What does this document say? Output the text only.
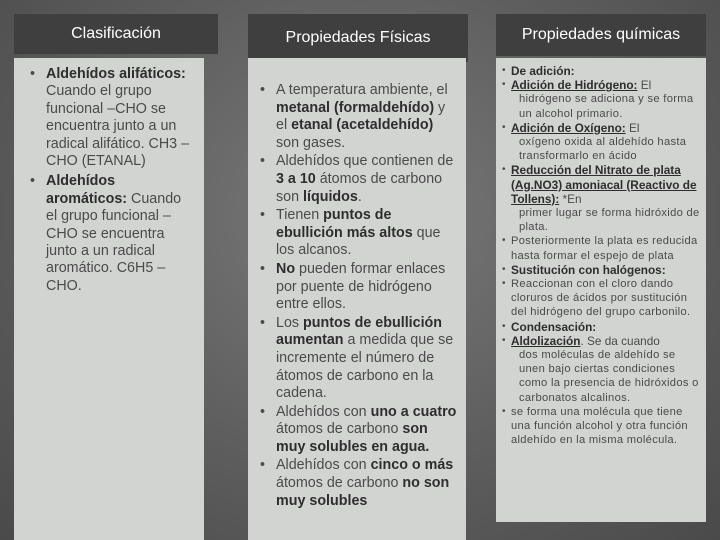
Clasificación	Propiedades Físicas	Propiedades químicas
• Aldehídos alifáticos: Cuando el grupo funcional –CHO se encuentra junto a un radical alifático. CH3 –CHO (ETANAL)
• Aldehídos aromáticos: Cuando el grupo funcional –CHO se encuentra junto a un radical aromático. C6H5 –CHO.
• A temperatura ambiente, el metanal (formaldehído) y el etanal (acetaldehído) son gases.
• Aldehídos que contienen de 3 a 10 átomos de carbono son líquidos.
• Tienen puntos de ebullición más altos que los alcanos.
• No pueden formar enlaces por puente de hidrógeno entre ellos.
• Los puntos de ebullición aumentan a medida que se incremente el número de átomos de carbono en la cadena.
• Aldehídos con uno a cuatro átomos de carbono son muy solubles en agua.
• Aldehídos con cinco o más átomos de carbono no son muy solubles
• De adición:
• Adición de Hidrógeno: El
hidrógeno se adiciona y se forma un alcohol primario.
• Adición de Oxígeno: El
oxígeno oxida al aldehído hasta transformarlo en ácido
• Reducción del Nitrato de plata (Ag.NO3) amoniacal (Reactivo de Tollens): *En
primer lugar se forma hidróxido de plata.
• Posteriormente la plata es reducida hasta formar el espejo de plata
• Sustitución con halógenos:
• Reaccionan con el cloro dando cloruros de ácidos por sustitución del hidrógeno del grupo carbonilo.
• Condensación:
• Aldolización. Se da cuando
dos moléculas de aldehído se unen bajo ciertas condiciones como la presencia de hidróxidos o carbonatos alcalinos.
• se forma una molécula que tiene una función alcohol y otra función aldehído en la misma molécula.
